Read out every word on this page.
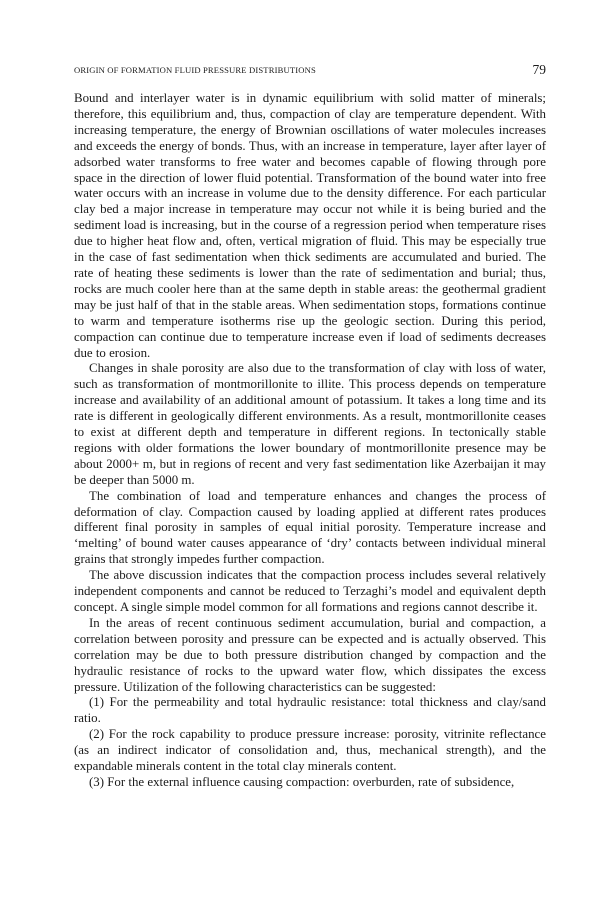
ORIGIN OF FORMATION FLUID PRESSURE DISTRIBUTIONS	79

Bound and interlayer water is in dynamic equilibrium with solid matter of minerals; therefore, this equilibrium and, thus, compaction of clay are temperature dependent. With increasing temperature, the energy of Brownian oscillations of water molecules increases and exceeds the energy of bonds. Thus, with an increase in temperature, layer after layer of adsorbed water transforms to free water and becomes capable of flowing through pore space in the direction of lower fluid potential. Transformation of the bound water into free water occurs with an increase in volume due to the density difference. For each particular clay bed a major increase in temperature may occur not while it is being buried and the sediment load is increasing, but in the course of a regression period when temperature rises due to higher heat flow and, often, vertical migration of fluid. This may be especially true in the case of fast sedimentation when thick sediments are accumulated and buried. The rate of heating these sediments is lower than the rate of sedimentation and burial; thus, rocks are much cooler here than at the same depth in stable areas: the geothermal gradient may be just half of that in the stable areas. When sedimentation stops, formations continue to warm and temperature isotherms rise up the geologic section. During this period, compaction can continue due to temperature increase even if load of sediments decreases due to erosion.

Changes in shale porosity are also due to the transformation of clay with loss of water, such as transformation of montmorillonite to illite. This process depends on temperature increase and availability of an additional amount of potassium. It takes a long time and its rate is different in geologically different environments. As a result, montmorillonite ceases to exist at different depth and temperature in different regions. In tectonically stable regions with older formations the lower boundary of montmorillonite presence may be about 2000+ m, but in regions of recent and very fast sedimentation like Azerbaijan it may be deeper than 5000 m.

The combination of load and temperature enhances and changes the process of deformation of clay. Compaction caused by loading applied at different rates produces different final porosity in samples of equal initial porosity. Temperature increase and ‘melting’ of bound water causes appearance of ‘dry’ contacts between individual mineral grains that strongly impedes further compaction.

The above discussion indicates that the compaction process includes several relatively independent components and cannot be reduced to Terzaghi’s model and equivalent depth concept. A single simple model common for all formations and regions cannot describe it.

In the areas of recent continuous sediment accumulation, burial and compaction, a correlation between porosity and pressure can be expected and is actually observed. This correlation may be due to both pressure distribution changed by compaction and the hydraulic resistance of rocks to the upward water flow, which dissipates the excess pressure. Utilization of the following characteristics can be suggested:

(1) For the permeability and total hydraulic resistance: total thickness and clay/sand ratio.

(2) For the rock capability to produce pressure increase: porosity, vitrinite reflectance (as an indirect indicator of consolidation and, thus, mechanical strength), and the expandable minerals content in the total clay minerals content.

(3) For the external influence causing compaction: overburden, rate of subsidence,
